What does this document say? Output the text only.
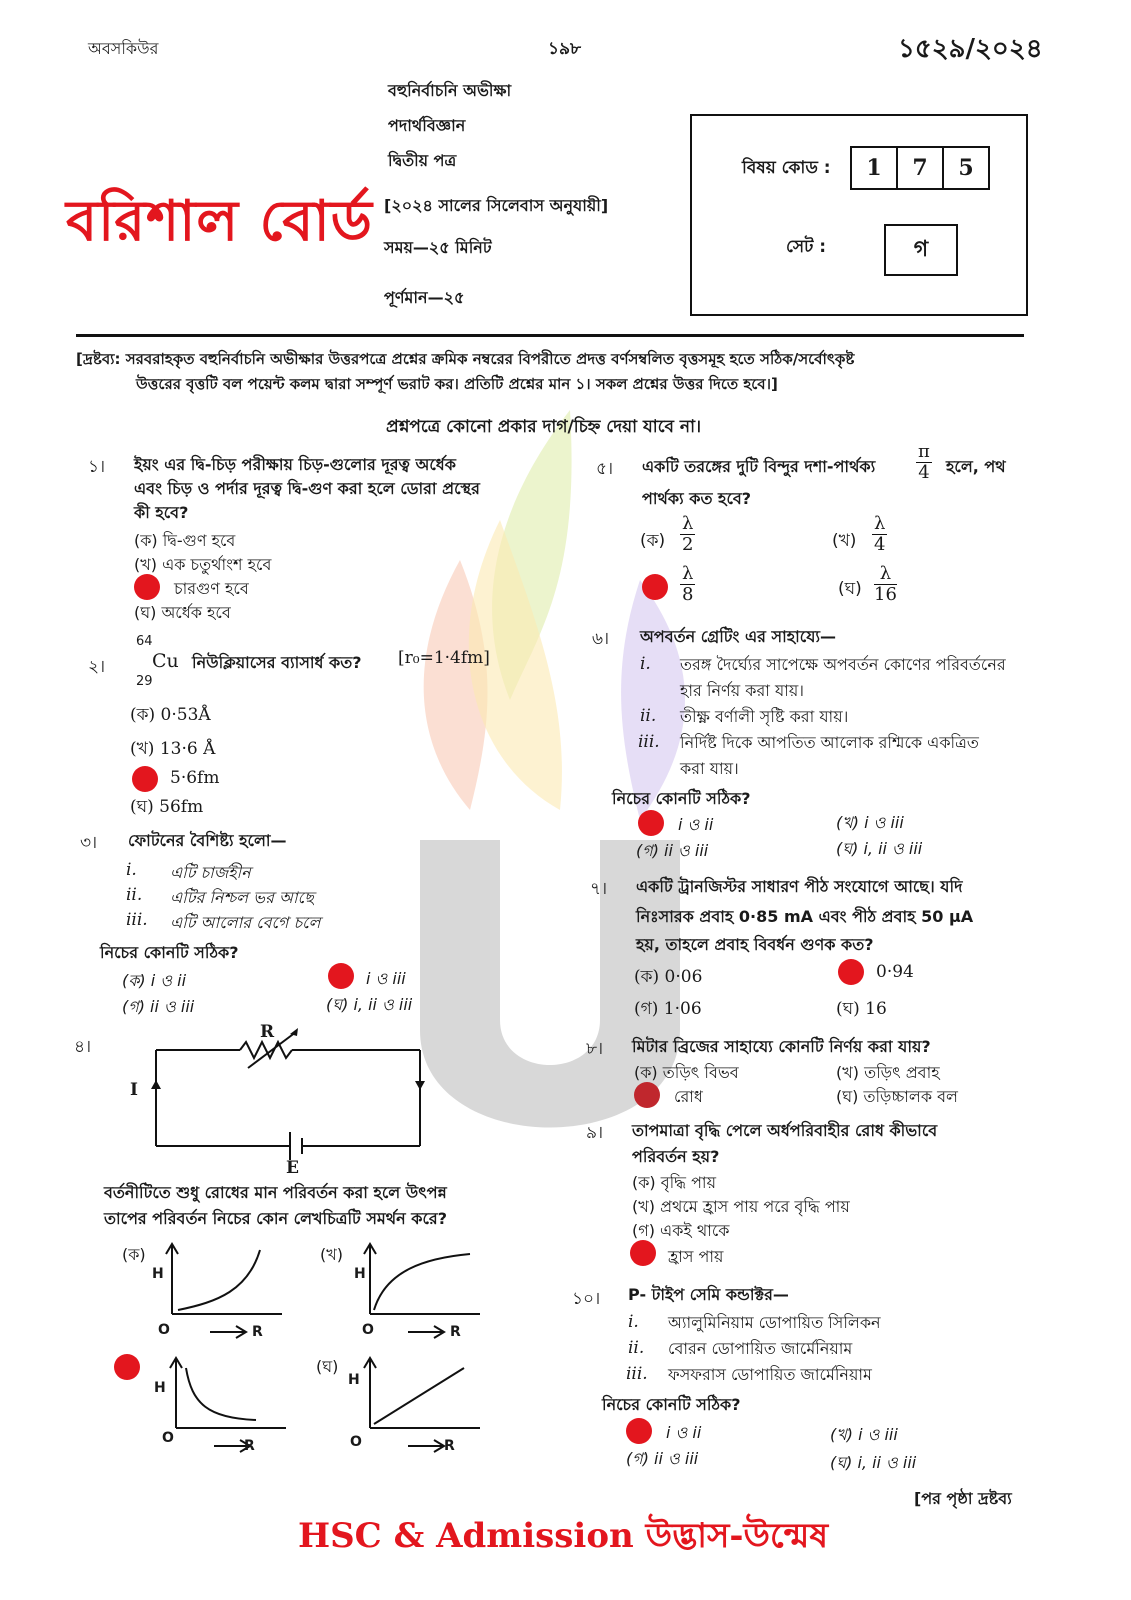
অবসকিউর	১৯৮	১৫২৯/২০২৪
বহুনির্বাচনি অভীক্ষা
পদার্থবিজ্ঞান
দ্বিতীয় পত্র
[২০২৪ সালের সিলেবাস অনুযায়ী]
সময়—২৫ মিনিট
পূর্ণমান—২৫
বরিশাল বোর্ড
বিষয় কোড :	1	7	5
সেট :	গ
[দ্রষ্টব্য: সরবরাহকৃত বহুনির্বাচনি অভীক্ষার উত্তরপত্রে প্রশ্নের ক্রমিক নম্বরের বিপরীতে প্রদত্ত বর্ণসম্বলিত বৃত্তসমূহ হতে সঠিক/সর্বোৎকৃষ্ট
উত্তরের বৃত্তটি বল পয়েন্ট কলম দ্বারা সম্পূর্ণ ভরাট কর। প্রতিটি প্রশ্নের মান ১। সকল প্রশ্নের উত্তর দিতে হবে।]
প্রশ্নপত্রে কোনো প্রকার দাগ/চিহ্ন দেয়া যাবে না।
১। ইয়ং এর দ্বি-চিড় পরীক্ষায় চিড়-গুলোর দূরত্ব অর্ধেক
এবং চিড় ও পর্দার দূরত্ব দ্বি-গুণ করা হলে ডোরা প্রস্থের
কী হবে?
(ক) দ্বি-গুণ হবে
(খ) এক চতুর্থাংশ হবে
চারগুণ হবে
(ঘ) অর্ধেক হবে
64
২। Cu নিউক্লিয়াসের ব্যাসার্ধ কত? [r₀=1·4fm]
29
(ক) 0·53Å
(খ) 13·6 Å
5·6fm
(ঘ) 56fm
৩। ফোটনের বৈশিষ্ট্য হলো—
i. এটি চার্জহীন
ii. এটির নিশ্চল ভর আছে
iii. এটি আলোর বেগে চলে
নিচের কোনটি সঠিক?
(ক) i ও ii	i ও iii
(গ) ii ও iii	(ঘ) i, ii ও iii
৪।
R
I
E
বর্তনীটিতে শুধু রোধের মান পরিবর্তন করা হলে উৎপন্ন
তাপের পরিবর্তন নিচের কোন লেখচিত্রটি সমর্থন করে?
(ক)	(খ)
(ঘ)
H
O	R
H
O	R
H
O	R
H
O	R
৫। একটি তরঙ্গের দুটি বিন্দুর দশা-পার্থক্য $\frac{\pi}{4}$ হলে, পথ
পার্থক্য কত হবে?
(ক) $\frac{\lambda}{2}$	(খ) $\frac{\lambda}{4}$
$\frac{\lambda}{8}$	(ঘ) $\frac{\lambda}{16}$
৬। অপবর্তন গ্রেটিং এর সাহায্যে—
i. তরঙ্গ দৈর্ঘ্যের সাপেক্ষে অপবর্তন কোণের পরিবর্তনের
হার নির্ণয় করা যায়।
ii. তীক্ষ্ণ বর্ণালী সৃষ্টি করা যায়।
iii. নির্দিষ্ট দিকে আপতিত আলোক রশ্মিকে একত্রিত
করা যায়।
নিচের কোনটি সঠিক?
i ও ii	(খ) i ও iii
(গ) ii ও iii	(ঘ) i, ii ও iii
৭। একটি ট্রানজিস্টর সাধারণ পীঠ সংযোগে আছে। যদি
নিঃসারক প্রবাহ 0·85 mA এবং পীঠ প্রবাহ 50 μA
হয়, তাহলে প্রবাহ বিবর্ধন গুণক কত?
(ক) 0·06	0·94
(গ) 1·06	(ঘ) 16
৮। মিটার ব্রিজের সাহায্যে কোনটি নির্ণয় করা যায়?
(ক) তড়িৎ বিভব	(খ) তড়িৎ প্রবাহ
রোধ	(ঘ) তড়িচ্চালক বল
৯। তাপমাত্রা বৃদ্ধি পেলে অর্ধপরিবাহীর রোধ কীভাবে
পরিবর্তন হয়?
(ক) বৃদ্ধি পায়
(খ) প্রথমে হ্রাস পায় পরে বৃদ্ধি পায়
(গ) একই থাকে
হ্রাস পায়
১০। P- টাইপ সেমি কন্ডাক্টর—
i. অ্যালুমিনিয়াম ডোপায়িত সিলিকন
ii. বোরন ডোপায়িত জার্মেনিয়াম
iii. ফসফরাস ডোপায়িত জার্মেনিয়াম
নিচের কোনটি সঠিক?
i ও ii	(খ) i ও iii
(গ) ii ও iii	(ঘ) i, ii ও iii
[পর পৃষ্ঠা দ্রষ্টব্য
HSC & Admission উদ্ভাস-উন্মেষ
